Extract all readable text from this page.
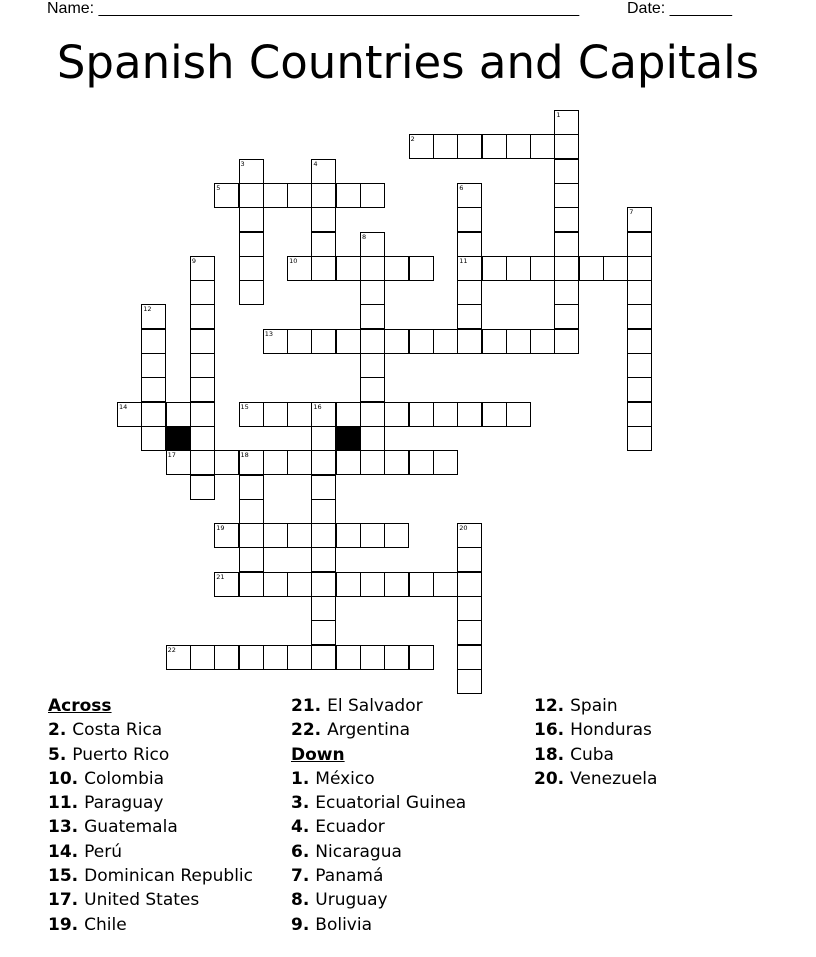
Name: ______________________________________________________	Date: _______
Spanish Countries and Capitals
1
2
3	4
5	6
11
7
8
9	10
12
13
14	15	16
17	18
19	20
21
22
Across
2. Costa Rica
5. Puerto Rico
10. Colombia
11. Paraguay
13. Guatemala
14. Perú
15. Dominican Republic
17. United States
19. Chile
21. El Salvador
22. Argentina
Down
1. México
3. Ecuatorial Guinea
4. Ecuador
6. Nicaragua
7. Panamá
8. Uruguay
9. Bolivia
12. Spain
16. Honduras
18. Cuba
20. Venezuela
